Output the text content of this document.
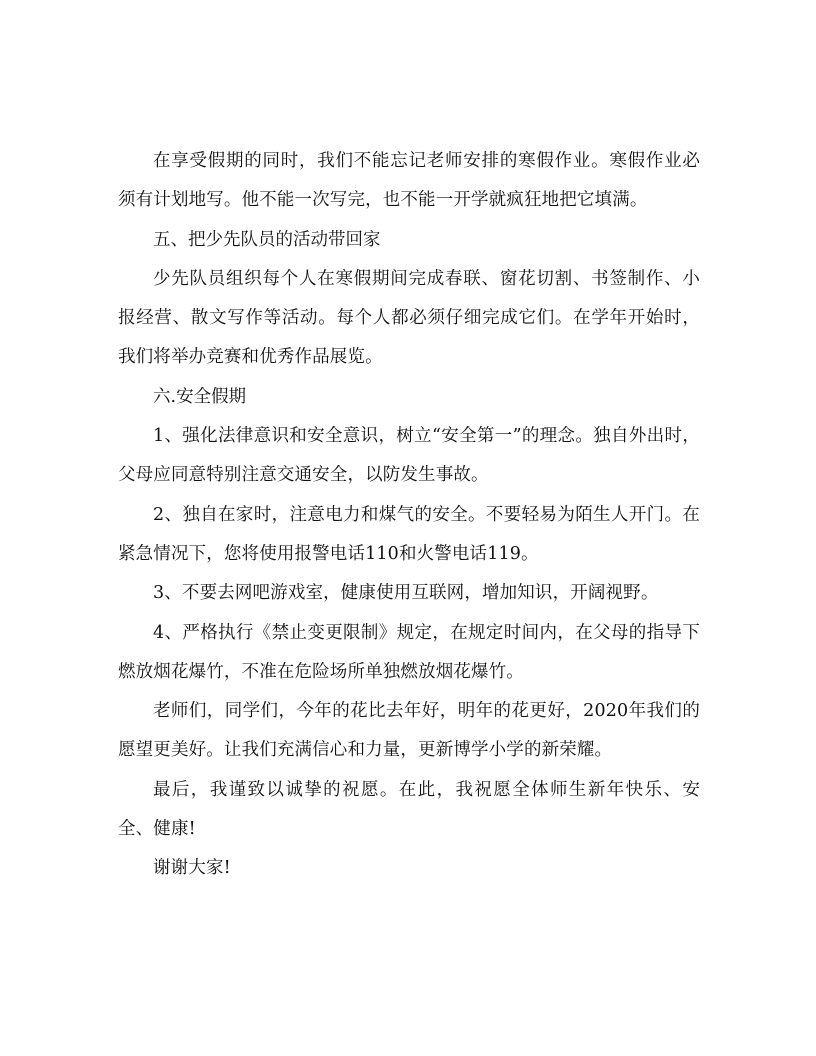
在享受假期的同时，我们不能忘记老师安排的寒假作业。寒假作业必须有计划地写。他不能一次写完，也不能一开学就疯狂地把它填满。

五、把少先队员的活动带回家

少先队员组织每个人在寒假期间完成春联、窗花切割、书签制作、小报经营、散文写作等活动。每个人都必须仔细完成它们。在学年开始时，我们将举办竞赛和优秀作品展览。

六.安全假期

1、强化法律意识和安全意识，树立“安全第一”的理念。独自外出时，父母应同意特别注意交通安全，以防发生事故。

2、独自在家时，注意电力和煤气的安全。不要轻易为陌生人开门。在紧急情况下，您将使用报警电话110和火警电话119。

3、不要去网吧游戏室，健康使用互联网，增加知识，开阔视野。

4、严格执行《禁止变更限制》规定，在规定时间内，在父母的指导下燃放烟花爆竹，不准在危险场所单独燃放烟花爆竹。

老师们，同学们，今年的花比去年好，明年的花更好，2020年我们的愿望更美好。让我们充满信心和力量，更新博学小学的新荣耀。

最后，我谨致以诚挚的祝愿。在此，我祝愿全体师生新年快乐、安全、健康!

谢谢大家!
